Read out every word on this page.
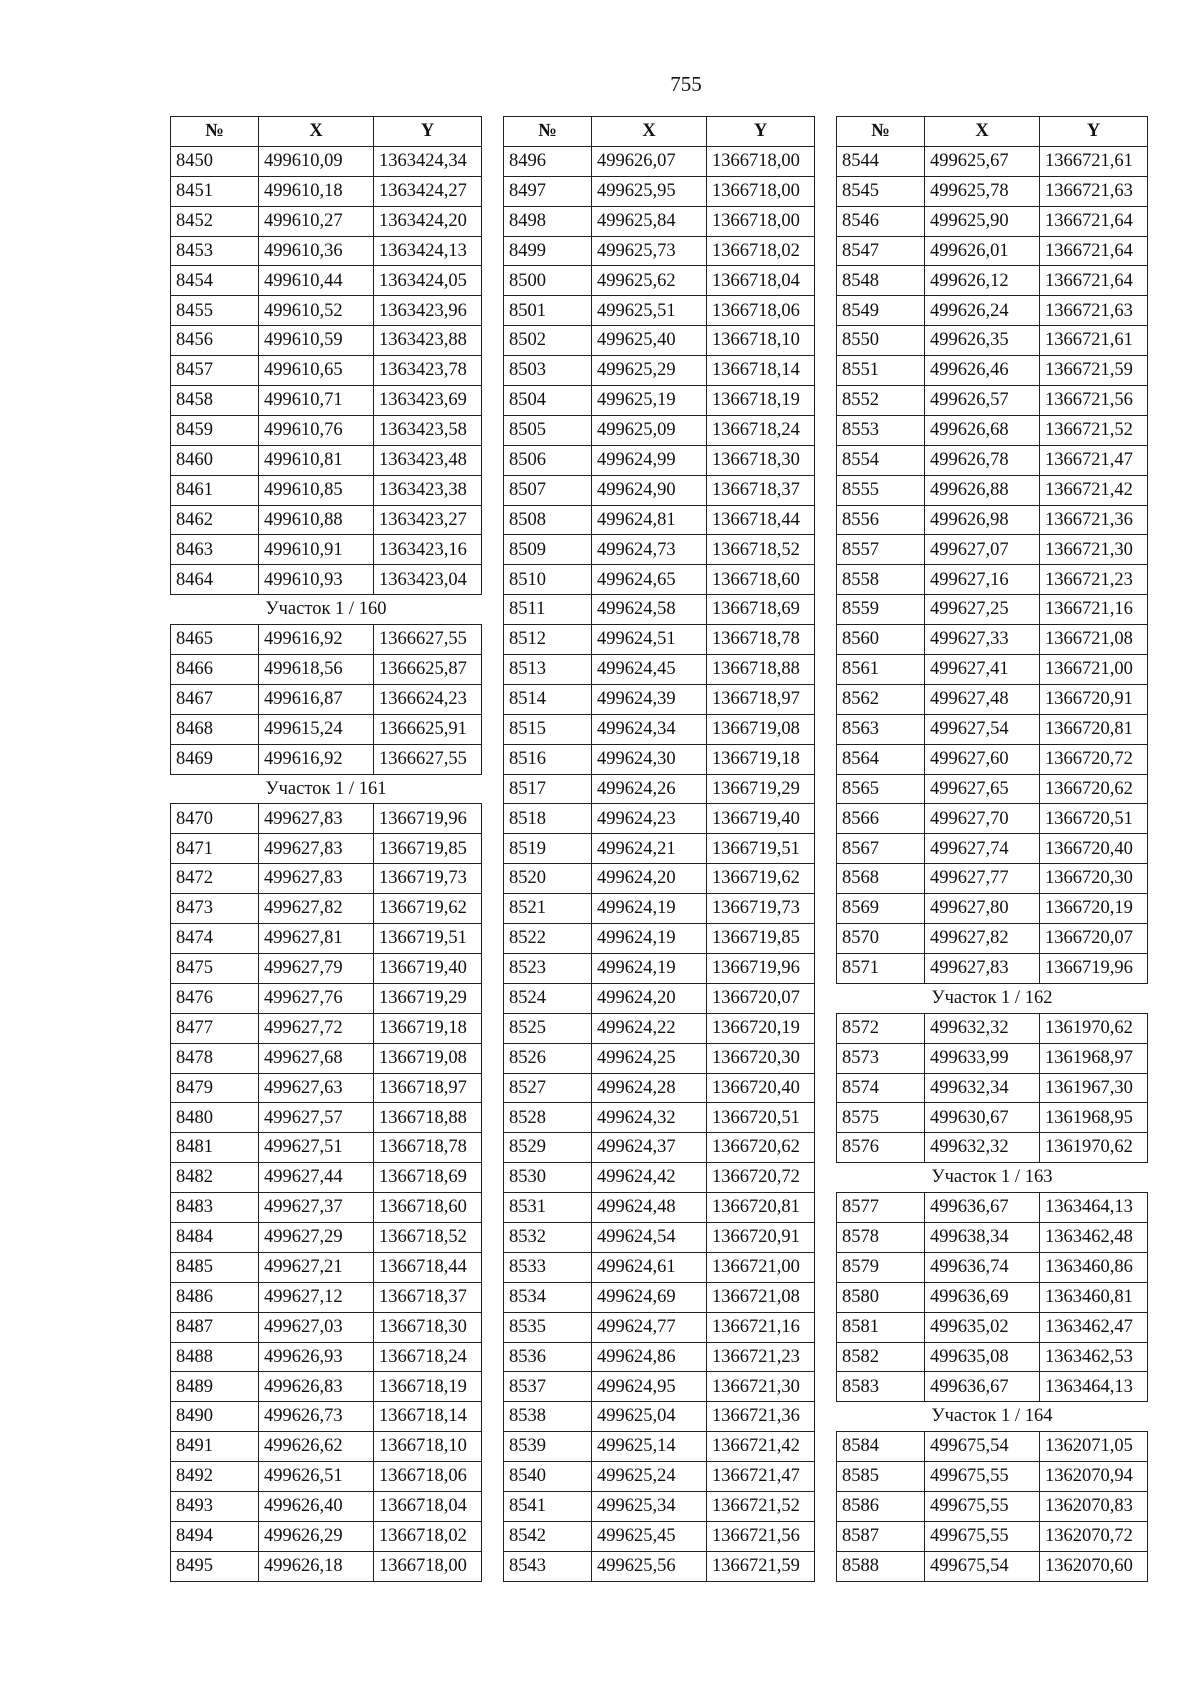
755
№	X	Y
8450	499610,09	1363424,34
8451	499610,18	1363424,27
8452	499610,27	1363424,20
8453	499610,36	1363424,13
8454	499610,44	1363424,05
8455	499610,52	1363423,96
8456	499610,59	1363423,88
8457	499610,65	1363423,78
8458	499610,71	1363423,69
8459	499610,76	1363423,58
8460	499610,81	1363423,48
8461	499610,85	1363423,38
8462	499610,88	1363423,27
8463	499610,91	1363423,16
8464	499610,93	1363423,04
Участок 1 / 160		
8465	499616,92	1366627,55
8466	499618,56	1366625,87
8467	499616,87	1366624,23
8468	499615,24	1366625,91
8469	499616,92	1366627,55
Участок 1 / 161		
8470	499627,83	1366719,96
8471	499627,83	1366719,85
8472	499627,83	1366719,73
8473	499627,82	1366719,62
8474	499627,81	1366719,51
8475	499627,79	1366719,40
8476	499627,76	1366719,29
8477	499627,72	1366719,18
8478	499627,68	1366719,08
8479	499627,63	1366718,97
8480	499627,57	1366718,88
8481	499627,51	1366718,78
8482	499627,44	1366718,69
8483	499627,37	1366718,60
8484	499627,29	1366718,52
8485	499627,21	1366718,44
8486	499627,12	1366718,37
8487	499627,03	1366718,30
8488	499626,93	1366718,24
8489	499626,83	1366718,19
8490	499626,73	1366718,14
8491	499626,62	1366718,10
8492	499626,51	1366718,06
8493	499626,40	1366718,04
8494	499626,29	1366718,02
8495	499626,18	1366718,00
№	X	Y
8496	499626,07	1366718,00
8497	499625,95	1366718,00
8498	499625,84	1366718,00
8499	499625,73	1366718,02
8500	499625,62	1366718,04
8501	499625,51	1366718,06
8502	499625,40	1366718,10
8503	499625,29	1366718,14
8504	499625,19	1366718,19
8505	499625,09	1366718,24
8506	499624,99	1366718,30
8507	499624,90	1366718,37
8508	499624,81	1366718,44
8509	499624,73	1366718,52
8510	499624,65	1366718,60
8511	499624,58	1366718,69
8512	499624,51	1366718,78
8513	499624,45	1366718,88
8514	499624,39	1366718,97
8515	499624,34	1366719,08
8516	499624,30	1366719,18
8517	499624,26	1366719,29
8518	499624,23	1366719,40
8519	499624,21	1366719,51
8520	499624,20	1366719,62
8521	499624,19	1366719,73
8522	499624,19	1366719,85
8523	499624,19	1366719,96
8524	499624,20	1366720,07
8525	499624,22	1366720,19
8526	499624,25	1366720,30
8527	499624,28	1366720,40
8528	499624,32	1366720,51
8529	499624,37	1366720,62
8530	499624,42	1366720,72
8531	499624,48	1366720,81
8532	499624,54	1366720,91
8533	499624,61	1366721,00
8534	499624,69	1366721,08
8535	499624,77	1366721,16
8536	499624,86	1366721,23
8537	499624,95	1366721,30
8538	499625,04	1366721,36
8539	499625,14	1366721,42
8540	499625,24	1366721,47
8541	499625,34	1366721,52
8542	499625,45	1366721,56
8543	499625,56	1366721,59
№	X	Y
8544	499625,67	1366721,61
8545	499625,78	1366721,63
8546	499625,90	1366721,64
8547	499626,01	1366721,64
8548	499626,12	1366721,64
8549	499626,24	1366721,63
8550	499626,35	1366721,61
8551	499626,46	1366721,59
8552	499626,57	1366721,56
8553	499626,68	1366721,52
8554	499626,78	1366721,47
8555	499626,88	1366721,42
8556	499626,98	1366721,36
8557	499627,07	1366721,30
8558	499627,16	1366721,23
8559	499627,25	1366721,16
8560	499627,33	1366721,08
8561	499627,41	1366721,00
8562	499627,48	1366720,91
8563	499627,54	1366720,81
8564	499627,60	1366720,72
8565	499627,65	1366720,62
8566	499627,70	1366720,51
8567	499627,74	1366720,40
8568	499627,77	1366720,30
8569	499627,80	1366720,19
8570	499627,82	1366720,07
8571	499627,83	1366719,96
Участок 1 / 162		
8572	499632,32	1361970,62
8573	499633,99	1361968,97
8574	499632,34	1361967,30
8575	499630,67	1361968,95
8576	499632,32	1361970,62
Участок 1 / 163		
8577	499636,67	1363464,13
8578	499638,34	1363462,48
8579	499636,74	1363460,86
8580	499636,69	1363460,81
8581	499635,02	1363462,47
8582	499635,08	1363462,53
8583	499636,67	1363464,13
Участок 1 / 164		
8584	499675,54	1362071,05
8585	499675,55	1362070,94
8586	499675,55	1362070,83
8587	499675,55	1362070,72
8588	499675,54	1362070,60
